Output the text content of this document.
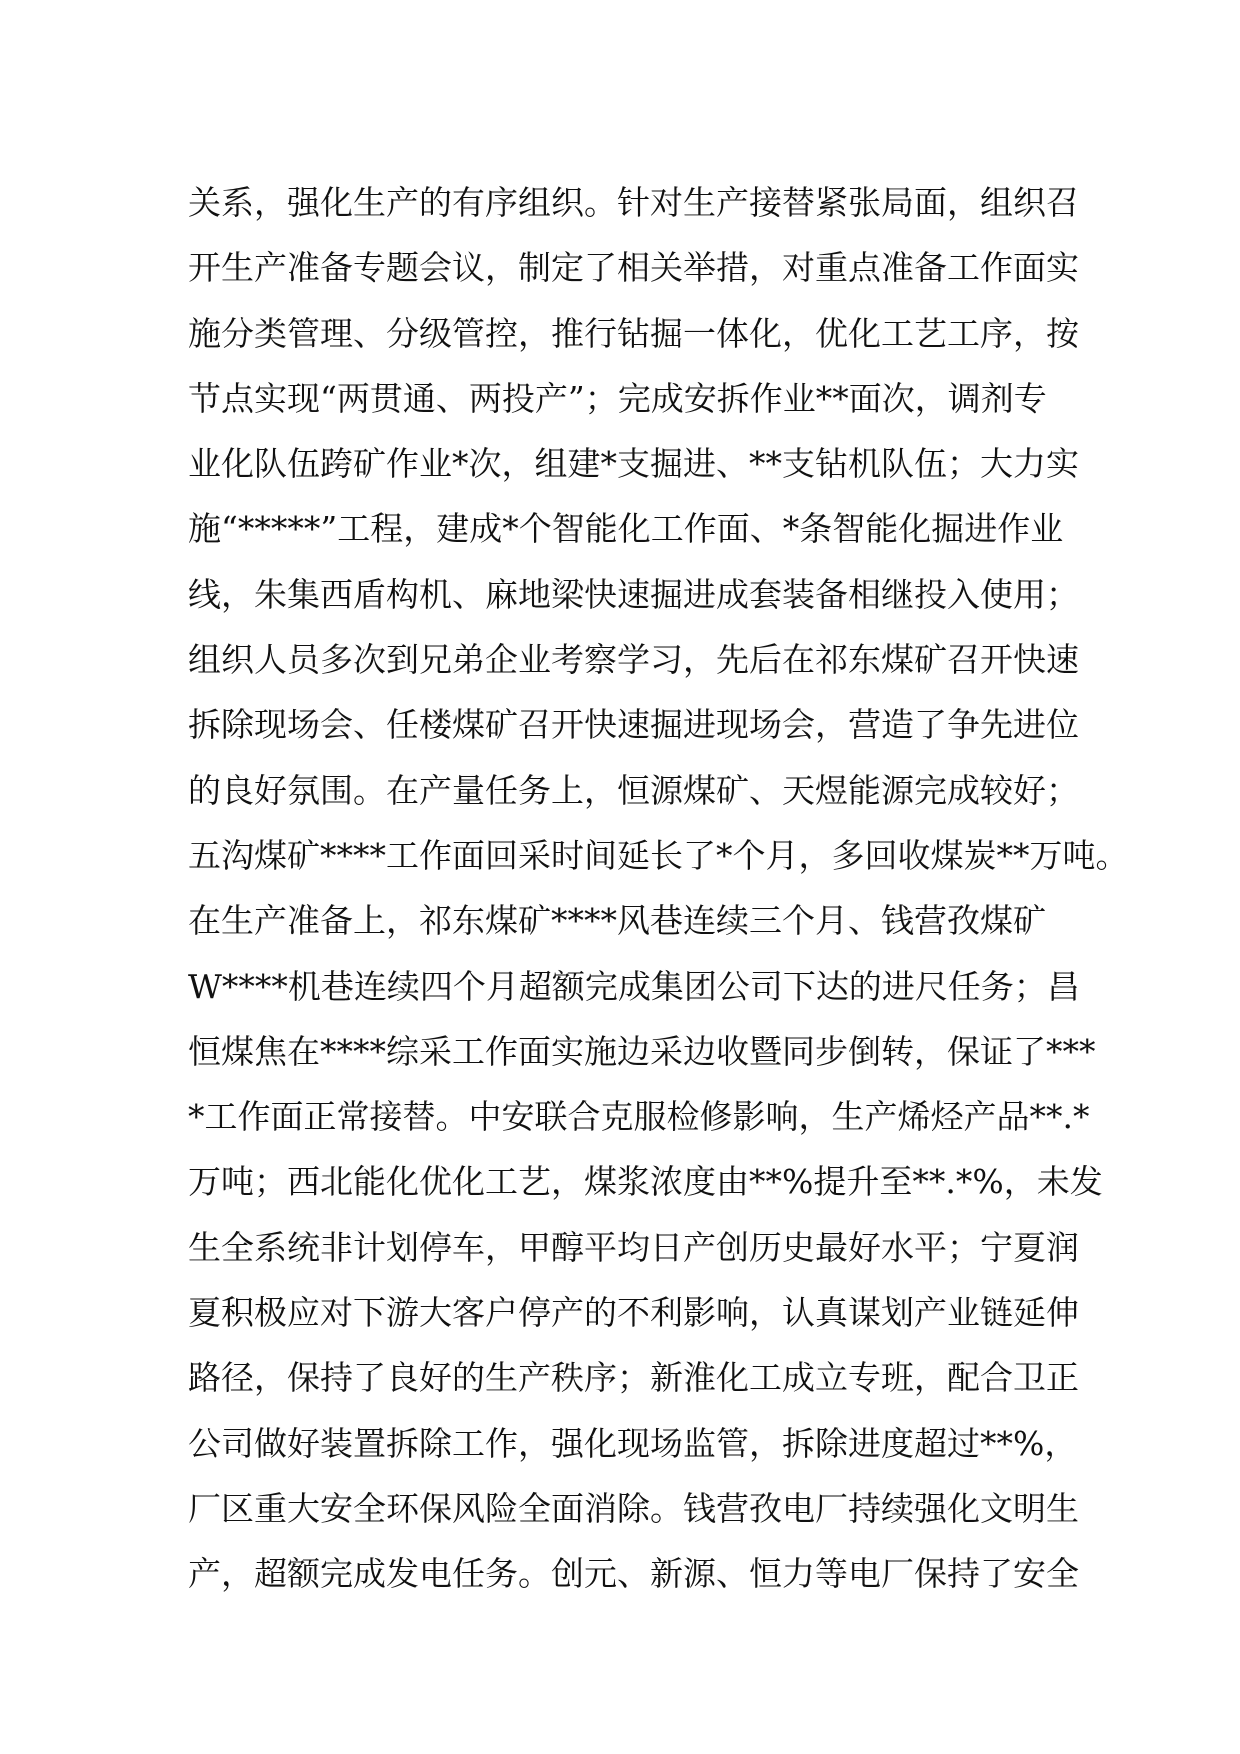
关系，强化生产的有序组织。针对生产接替紧张局面，组织召
开生产准备专题会议，制定了相关举措，对重点准备工作面实
施分类管理、分级管控，推行钻掘一体化，优化工艺工序，按
节点实现“两贯通、两投产”；完成安拆作业**面次，调剂专
业化队伍跨矿作业*次，组建*支掘进、**支钻机队伍；大力实
施“*****”工程，建成*个智能化工作面、*条智能化掘进作业
线，朱集西盾构机、麻地梁快速掘进成套装备相继投入使用；
组织人员多次到兄弟企业考察学习，先后在祁东煤矿召开快速
拆除现场会、任楼煤矿召开快速掘进现场会，营造了争先进位
的良好氛围。在产量任务上，恒源煤矿、天煜能源完成较好；
五沟煤矿****工作面回采时间延长了*个月，多回收煤炭**万吨。
在生产准备上，祁东煤矿****风巷连续三个月、钱营孜煤矿
W****机巷连续四个月超额完成集团公司下达的进尺任务；昌
恒煤焦在****综采工作面实施边采边收暨同步倒转，保证了***
*工作面正常接替。中安联合克服检修影响，生产烯烃产品**.*
万吨；西北能化优化工艺，煤浆浓度由**%提升至**.*%，未发
生全系统非计划停车，甲醇平均日产创历史最好水平；宁夏润
夏积极应对下游大客户停产的不利影响，认真谋划产业链延伸
路径，保持了良好的生产秩序；新淮化工成立专班，配合卫正
公司做好装置拆除工作，强化现场监管，拆除进度超过**%，
厂区重大安全环保风险全面消除。钱营孜电厂持续强化文明生
产，超额完成发电任务。创元、新源、恒力等电厂保持了安全
